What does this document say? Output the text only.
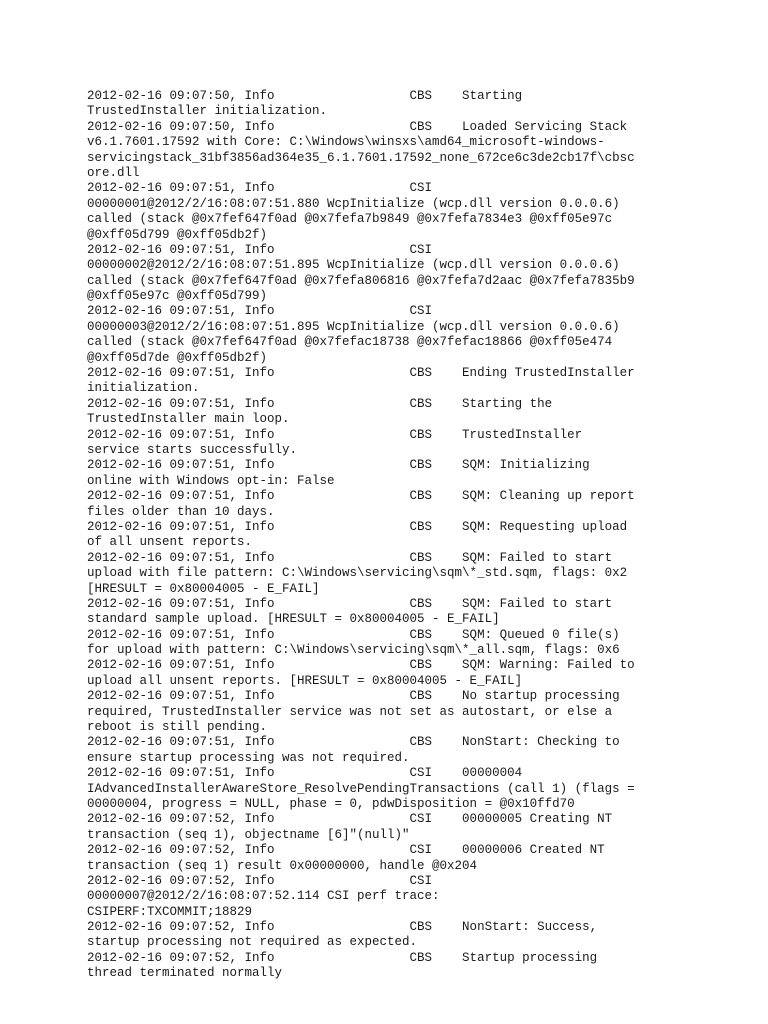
2012-02-16 09:07:50, Info                  CBS    Starting
TrustedInstaller initialization.
2012-02-16 09:07:50, Info                  CBS    Loaded Servicing Stack
v6.1.7601.17592 with Core: C:\Windows\winsxs\amd64_microsoft-windows-
servicingstack_31bf3856ad364e35_6.1.7601.17592_none_672ce6c3de2cb17f\cbsc
ore.dll
2012-02-16 09:07:51, Info                  CSI
00000001@2012/2/16:08:07:51.880 WcpInitialize (wcp.dll version 0.0.0.6)
called (stack @0x7fef647f0ad @0x7fefa7b9849 @0x7fefa7834e3 @0xff05e97c
@0xff05d799 @0xff05db2f)
2012-02-16 09:07:51, Info                  CSI
00000002@2012/2/16:08:07:51.895 WcpInitialize (wcp.dll version 0.0.0.6)
called (stack @0x7fef647f0ad @0x7fefa806816 @0x7fefa7d2aac @0x7fefa7835b9
@0xff05e97c @0xff05d799)
2012-02-16 09:07:51, Info                  CSI
00000003@2012/2/16:08:07:51.895 WcpInitialize (wcp.dll version 0.0.0.6)
called (stack @0x7fef647f0ad @0x7fefac18738 @0x7fefac18866 @0xff05e474
@0xff05d7de @0xff05db2f)
2012-02-16 09:07:51, Info                  CBS    Ending TrustedInstaller
initialization.
2012-02-16 09:07:51, Info                  CBS    Starting the
TrustedInstaller main loop.
2012-02-16 09:07:51, Info                  CBS    TrustedInstaller
service starts successfully.
2012-02-16 09:07:51, Info                  CBS    SQM: Initializing
online with Windows opt-in: False
2012-02-16 09:07:51, Info                  CBS    SQM: Cleaning up report
files older than 10 days.
2012-02-16 09:07:51, Info                  CBS    SQM: Requesting upload
of all unsent reports.
2012-02-16 09:07:51, Info                  CBS    SQM: Failed to start
upload with file pattern: C:\Windows\servicing\sqm\*_std.sqm, flags: 0x2
[HRESULT = 0x80004005 - E_FAIL]
2012-02-16 09:07:51, Info                  CBS    SQM: Failed to start
standard sample upload. [HRESULT = 0x80004005 - E_FAIL]
2012-02-16 09:07:51, Info                  CBS    SQM: Queued 0 file(s)
for upload with pattern: C:\Windows\servicing\sqm\*_all.sqm, flags: 0x6
2012-02-16 09:07:51, Info                  CBS    SQM: Warning: Failed to
upload all unsent reports. [HRESULT = 0x80004005 - E_FAIL]
2012-02-16 09:07:51, Info                  CBS    No startup processing
required, TrustedInstaller service was not set as autostart, or else a
reboot is still pending.
2012-02-16 09:07:51, Info                  CBS    NonStart: Checking to
ensure startup processing was not required.
2012-02-16 09:07:51, Info                  CSI    00000004
IAdvancedInstallerAwareStore_ResolvePendingTransactions (call 1) (flags =
00000004, progress = NULL, phase = 0, pdwDisposition = @0x10ffd70
2012-02-16 09:07:52, Info                  CSI    00000005 Creating NT
transaction (seq 1), objectname [6]"(null)"
2012-02-16 09:07:52, Info                  CSI    00000006 Created NT
transaction (seq 1) result 0x00000000, handle @0x204
2012-02-16 09:07:52, Info                  CSI
00000007@2012/2/16:08:07:52.114 CSI perf trace:
CSIPERF:TXCOMMIT;18829
2012-02-16 09:07:52, Info                  CBS    NonStart: Success,
startup processing not required as expected.
2012-02-16 09:07:52, Info                  CBS    Startup processing
thread terminated normally
